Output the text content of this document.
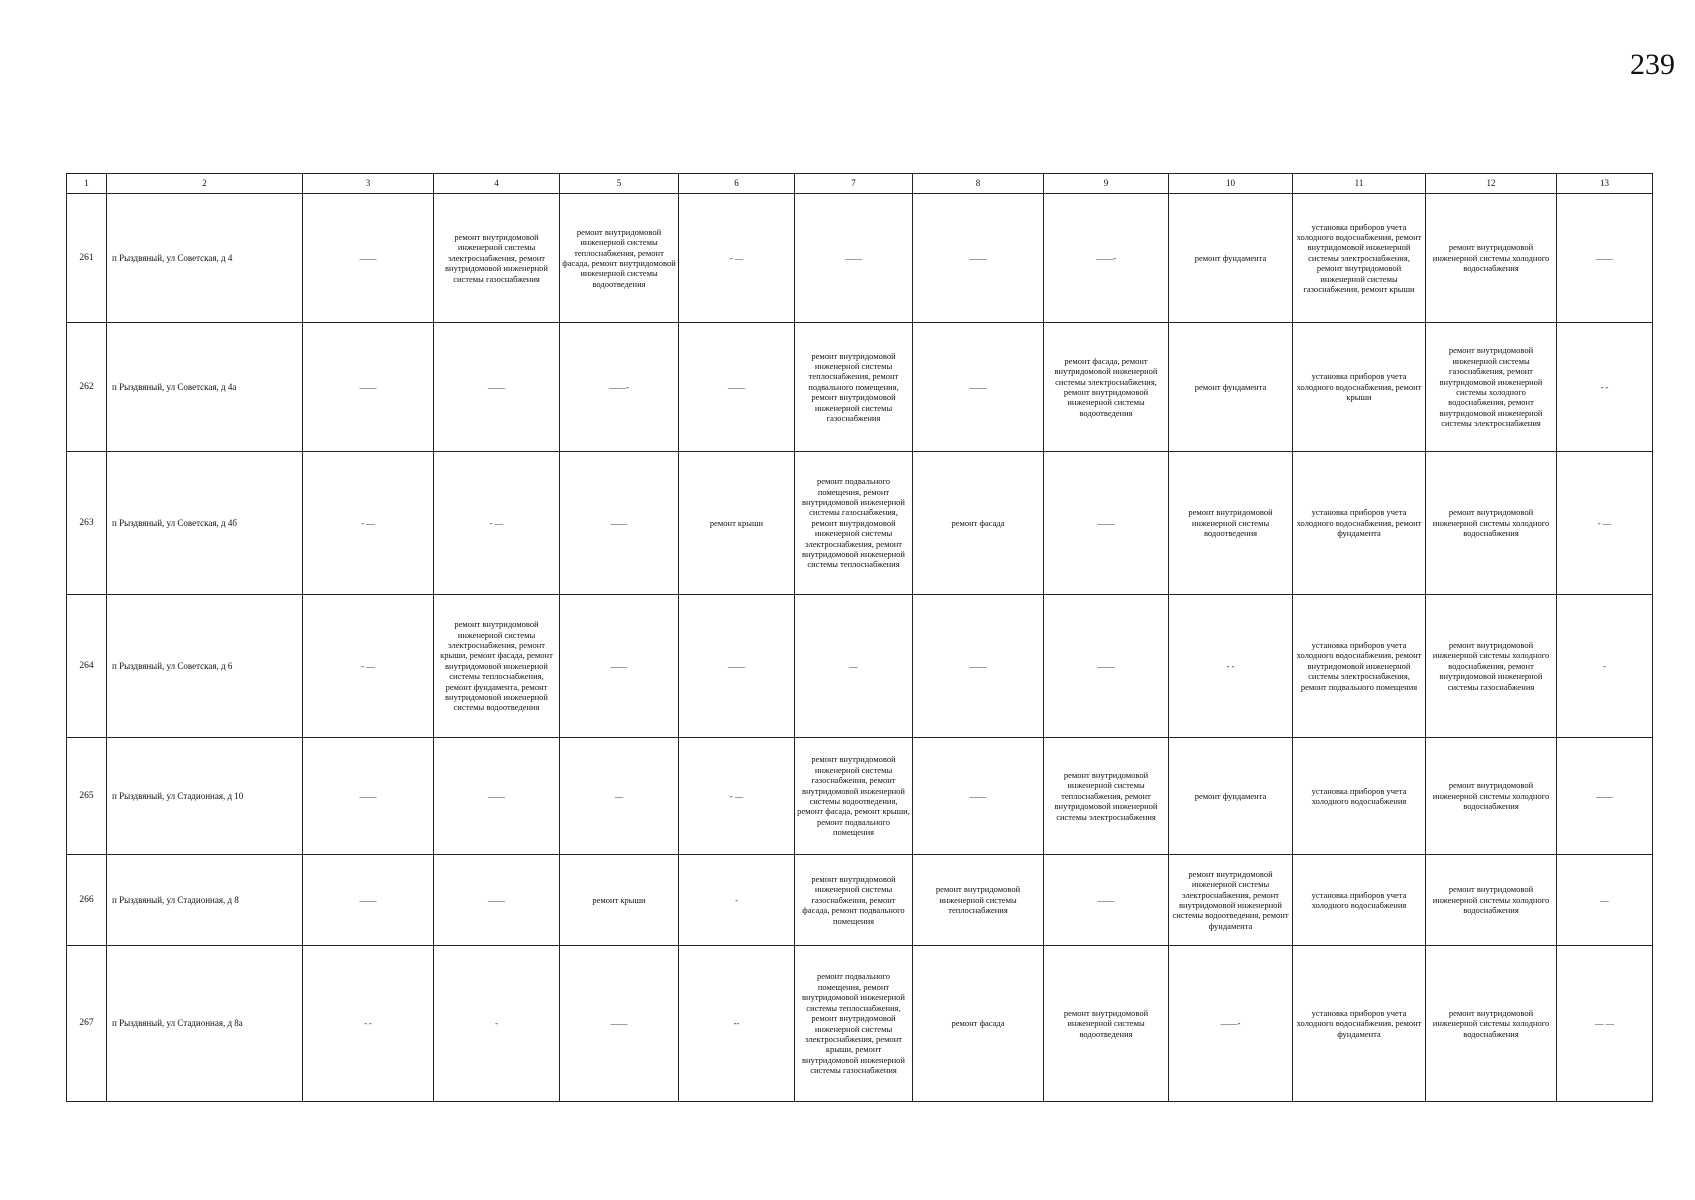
239
1	2	3	4	5	6	7	8	9	10	11	12	13
261	п Рыздвяный, ул Советская, д 4	——	ремонт внутридомовой инженерной системы электроснабжения, ремонт внутридомовой инженерной системы газоснабжения	ремонт внутридомовой инженерной системы теплоснабжения, ремонт фасада, ремонт внутридомовой инженерной системы водоотведения	- —	——	——	——-	ремонт фундамента	установка приборов учета холодного водоснабжения, ремонт внутридомовой инженерной системы электроснабжения, ремонт внутридомовой инженерной системы газоснабжения, ремонт крыши	ремонт внутридомовой инженерной системы холодного водоснабжения	——
262	п Рыздвяный, ул Советская, д 4а	——	——	——-	——	ремонт внутридомовой инженерной системы теплоснабжения, ремонт подвального помещения, ремонт внутридомовой инженерной системы газоснабжения	——	ремонт фасада, ремонт внутридомовой инженерной системы электроснабжения, ремонт внутридомовой инженерной системы водоотведения	ремонт фундамента	установка приборов учета холодного водоснабжения, ремонт крыши	ремонт внутридомовой инженерной системы газоснабжения, ремонт внутридомовой инженерной системы холодного водоснабжения, ремонт внутридомовой инженерной системы электроснабжения	- -
263	п Рыздвяный, ул Советская, д 4б	- —	- —	——	ремонт крыши	ремонт подвального помещения, ремонт внутридомовой инженерной системы газоснабжения, ремонт внутридомовой инженерной системы электроснабжения, ремонт внутридомовой инженерной системы теплоснабжения	ремонт фасада	——	ремонт внутридомовой инженерной системы водоотведения	установка приборов учета холодного водоснабжения, ремонт фундамента	ремонт внутридомовой инженерной системы холодного водоснабжения	- —
264	п Рыздвяный, ул Советская, д 6	- —	ремонт внутридомовой инженерной системы электроснабжения, ремонт крыши, ремонт фасада, ремонт внутридомовой инженерной системы теплоснабжения, ремонт фундамента, ремонт внутридомовой инженерной системы водоотведения	——	——	—	——	——	- -	установка приборов учета холодного водоснабжения, ремонт внутридомовой инженерной системы электроснабжения, ремонт подвального помещения	ремонт внутридомовой инженерной системы холодного водоснабжения, ремонт внутридомовой инженерной системы газоснабжения	-
265	п Рыздвяный, ул Стадионная, д 10	——	——	—	- —	ремонт внутридомовой инженерной системы газоснабжения, ремонт внутридомовой инженерной системы водоотведения, ремонт фасада, ремонт крыши, ремонт подвального помещения	——	ремонт внутридомовой инженерной системы теплоснабжения, ремонт внутридомовой инженерной системы электроснабжения	ремонт фундамента	установка приборов учета холодного водоснабжения	ремонт внутридомовой инженерной системы холодного водоснабжения	——
266	п Рыздвяный, ул Стадионная, д 8	——	——	ремонт крыши	-	ремонт внутридомовой инженерной системы газоснабжения, ремонт фасада, ремонт подвального помещения	ремонт внутридомовой инженерной системы теплоснабжения	——	ремонт внутридомовой инженерной системы электроснабжения, ремонт внутридомовой инженерной системы водоотведения, ремонт фундамента	установка приборов учета холодного водоснабжения	ремонт внутридомовой инженерной системы холодного водоснабжения	—
267	п Рыздвяный, ул Стадионная, д 8а	- -	-	——	--	ремонт подвального помещения, ремонт внутридомовой инженерной системы теплоснабжения, ремонт внутридомовой инженерной системы электроснабжения, ремонт крыши, ремонт внутридомовой инженерной системы газоснабжения	ремонт фасада	ремонт внутридомовой инженерной системы водоотведения	——-	установка приборов учета холодного водоснабжения, ремонт фундамента	ремонт внутридомовой инженерной системы холодного водоснабжения	— —
